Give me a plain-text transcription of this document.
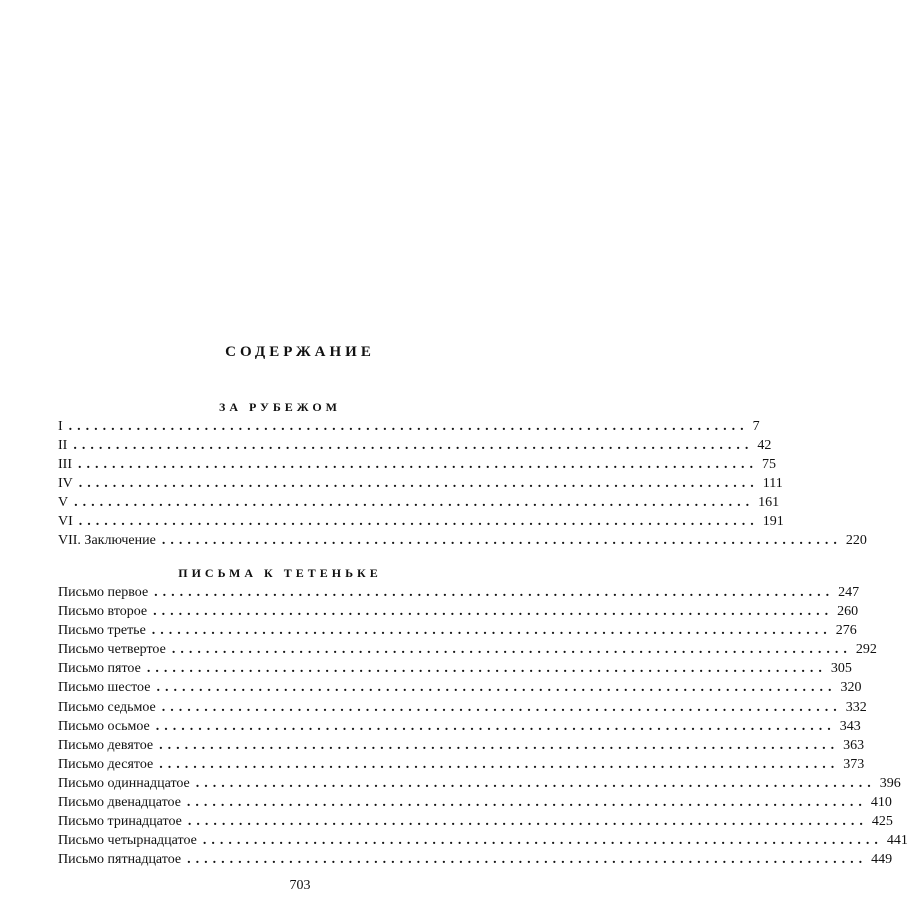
СОДЕРЖАНИЕ
ЗА РУБЕЖОМ
I ................................................................................ 7
II ................................................................................ 42
III ................................................................................ 75
IV ................................................................................ 111
V ................................................................................ 161
VI ................................................................................ 191
VII. Заключение ................................................................................ 220
ПИСЬМА К ТЕТЕНЬКЕ
Письмо первое ................................................................................ 247
Письмо второе ................................................................................ 260
Письмо третье ................................................................................ 276
Письмо четвертое ................................................................................ 292
Письмо пятое ................................................................................ 305
Письмо шестое ................................................................................ 320
Письмо седьмое ................................................................................ 332
Письмо осьмое ................................................................................ 343
Письмо девятое ................................................................................ 363
Письмо десятое ................................................................................ 373
Письмо одиннадцатое ................................................................................ 396
Письмо двенадцатое ................................................................................ 410
Письмо тринадцатое ................................................................................ 425
Письмо четырнадцатое ................................................................................ 441
Письмо пятнадцатое ................................................................................ 449
703
